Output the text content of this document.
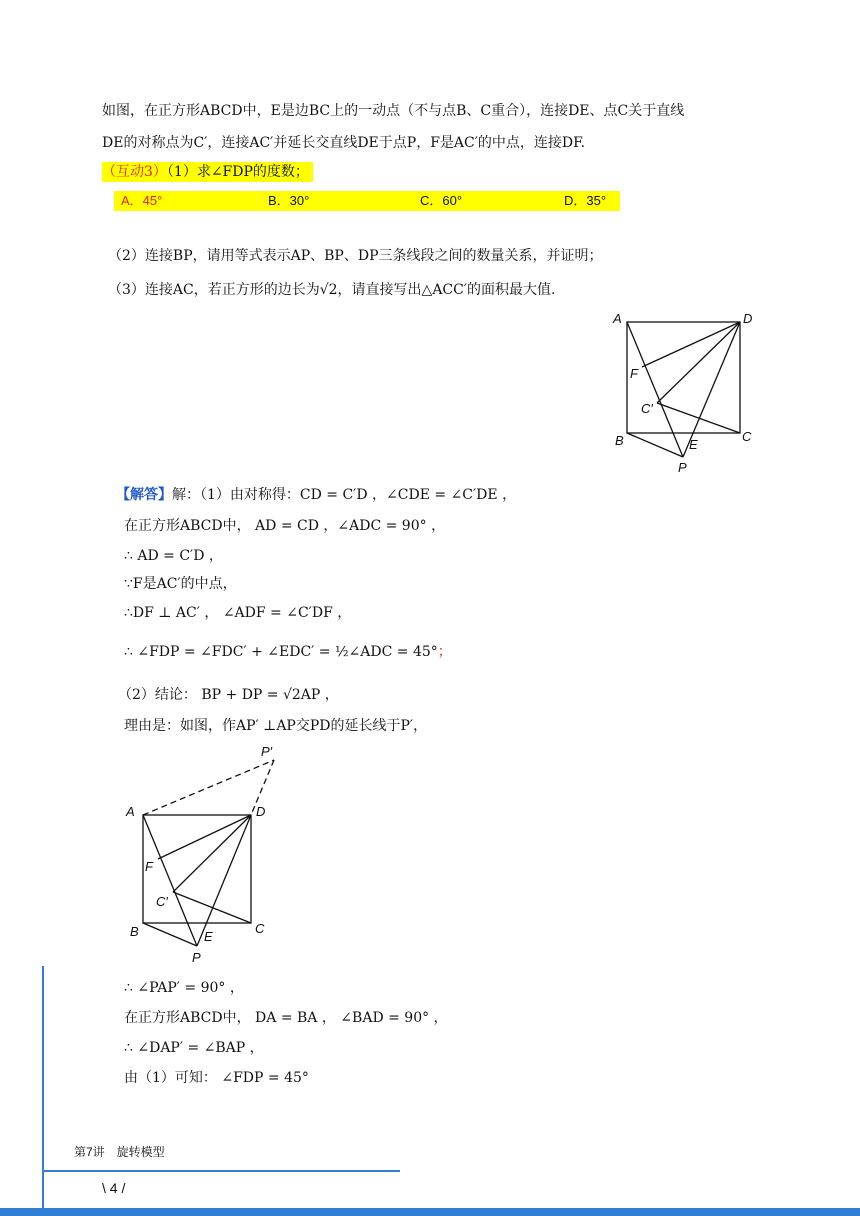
如图，在正方形ABCD中，E是边BC上的一动点（不与点B、C重合），连接DE、点C关于直线
DE的对称点为C′，连接AC′并延长交直线DE于点P，F是AC′的中点，连接DF.
（互动3）（1）求∠FDP的度数；
A．45°	B．30°	C．60°	D．35°
（2）连接BP，请用等式表示AP、BP、DP三条线段之间的数量关系，并证明；
（3）连接AC，若正方形的边长为√2，请直接写出△ACC′的面积最大值.
A	D
F
C′
B	E
C
P
【解答】解：（1）由对称得：CD = C′D ，∠CDE = ∠C′DE ，
在正方形ABCD中， AD = CD ，∠ADC = 90° ，
∴ AD = C′D ，
∵F是AC′的中点，
∴DF ⊥ AC′ ， ∠ADF = ∠C′DF ，
∴ ∠FDP = ∠FDC′ + ∠EDC′ = ½∠ADC = 45°；
（2）结论： BP + DP = √2AP ，
理由是：如图，作AP′ ⊥AP交PD的延长线于P′，
P′
A	D
F
C′
B	E
C
P
∴ ∠PAP′ = 90° ，
在正方形ABCD中， DA = BA ， ∠BAD = 90° ，
∴ ∠DAP′ = ∠BAP ，
由（1）可知： ∠FDP = 45°
第7讲　旋转模型
\ 4 /
